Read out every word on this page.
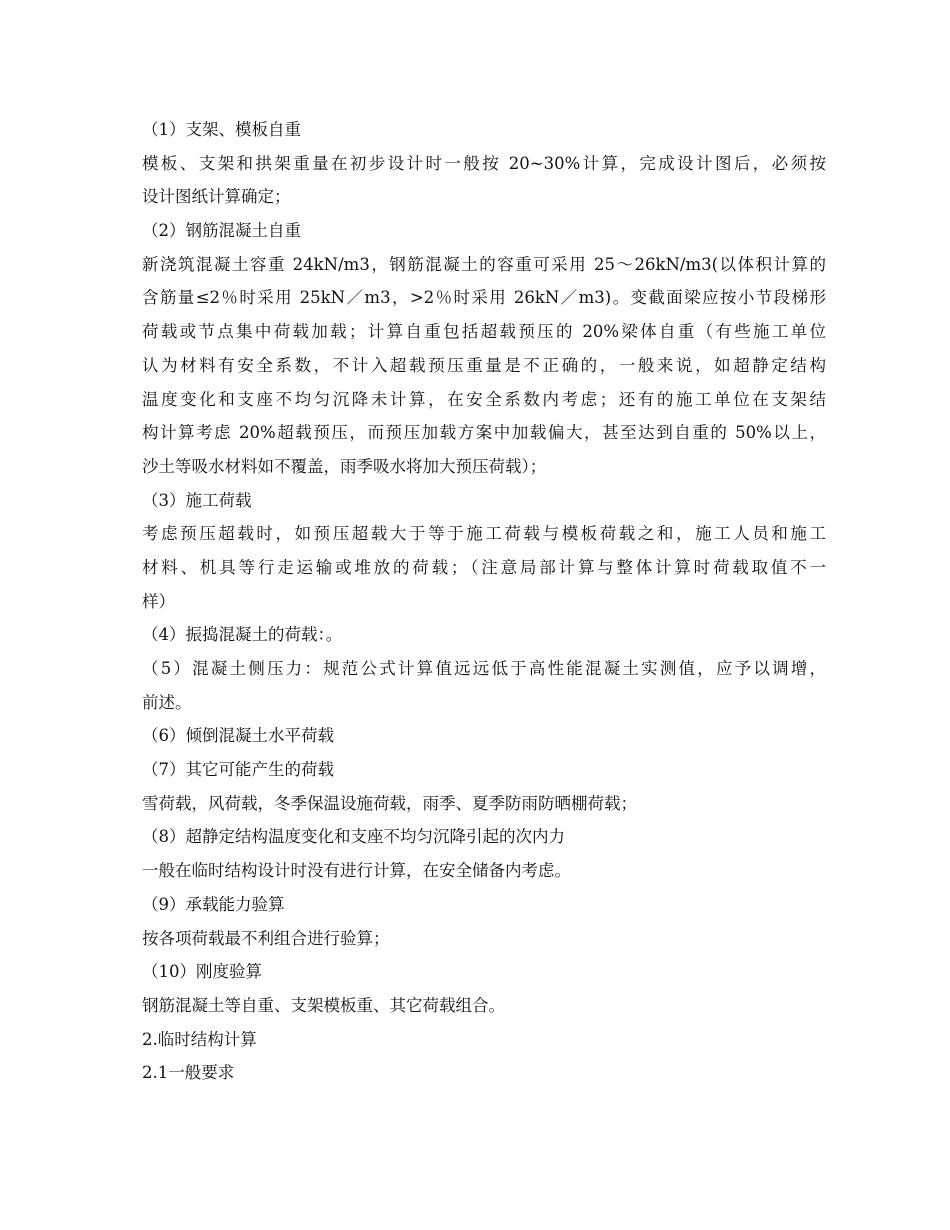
（1）支架、模板自重
模板、支架和拱架重量在初步设计时一般按 20~30%计算，完成设计图后，必须按
设计图纸计算确定；
（2）钢筋混凝土自重
新浇筑混凝土容重 24kN/m3，钢筋混凝土的容重可采用 25～26kN/m3(以体积计算的
含筋量≤2％时采用 25kN／m3，>2％时采用 26kN／m3)。变截面梁应按小节段梯形
荷载或节点集中荷载加载；计算自重包括超载预压的 20%梁体自重（有些施工单位
认为材料有安全系数，不计入超载预压重量是不正确的，一般来说，如超静定结构
温度变化和支座不均匀沉降未计算，在安全系数内考虑；还有的施工单位在支架结
构计算考虑 20%超载预压，而预压加载方案中加载偏大，甚至达到自重的 50%以上，
沙土等吸水材料如不覆盖，雨季吸水将加大预压荷载）；
（3）施工荷载
考虑预压超载时，如预压超载大于等于施工荷载与模板荷载之和，施工人员和施工
材料、机具等行走运输或堆放的荷载；（注意局部计算与整体计算时荷载取值不一
样）
（4）振捣混凝土的荷载：。
（5）混凝土侧压力：规范公式计算值远远低于高性能混凝土实测值，应予以调增，
前述。
（6）倾倒混凝土水平荷载
（7）其它可能产生的荷载
雪荷载，风荷载，冬季保温设施荷载，雨季、夏季防雨防晒棚荷载；
（8）超静定结构温度变化和支座不均匀沉降引起的次内力
一般在临时结构设计时没有进行计算，在安全储备内考虑。
（9）承载能力验算
按各项荷载最不利组合进行验算；
（10）刚度验算
钢筋混凝土等自重、支架模板重、其它荷载组合。
2.临时结构计算
2.1一般要求
